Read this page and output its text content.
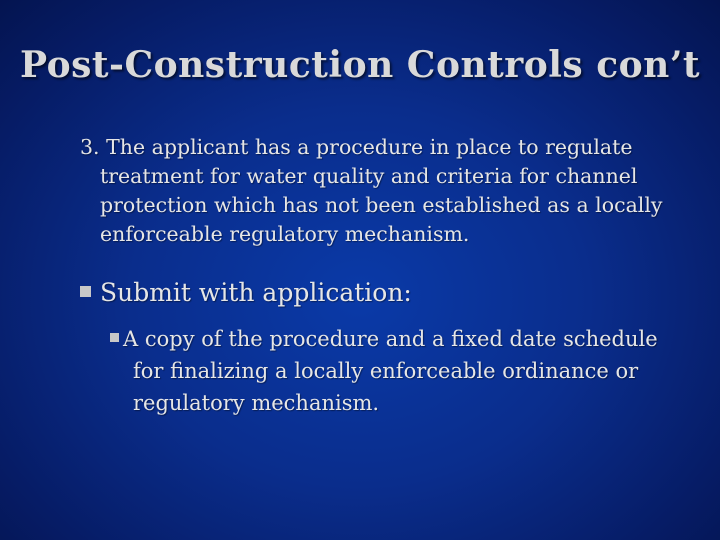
Post-Construction Controls con’t
3. The applicant has a procedure in place to regulate treatment for water quality and criteria for channel protection which has not been established as a locally enforceable regulatory mechanism.
Submit with application:
A copy of the procedure and a fixed date schedule for finalizing a locally enforceable ordinance or regulatory mechanism.
